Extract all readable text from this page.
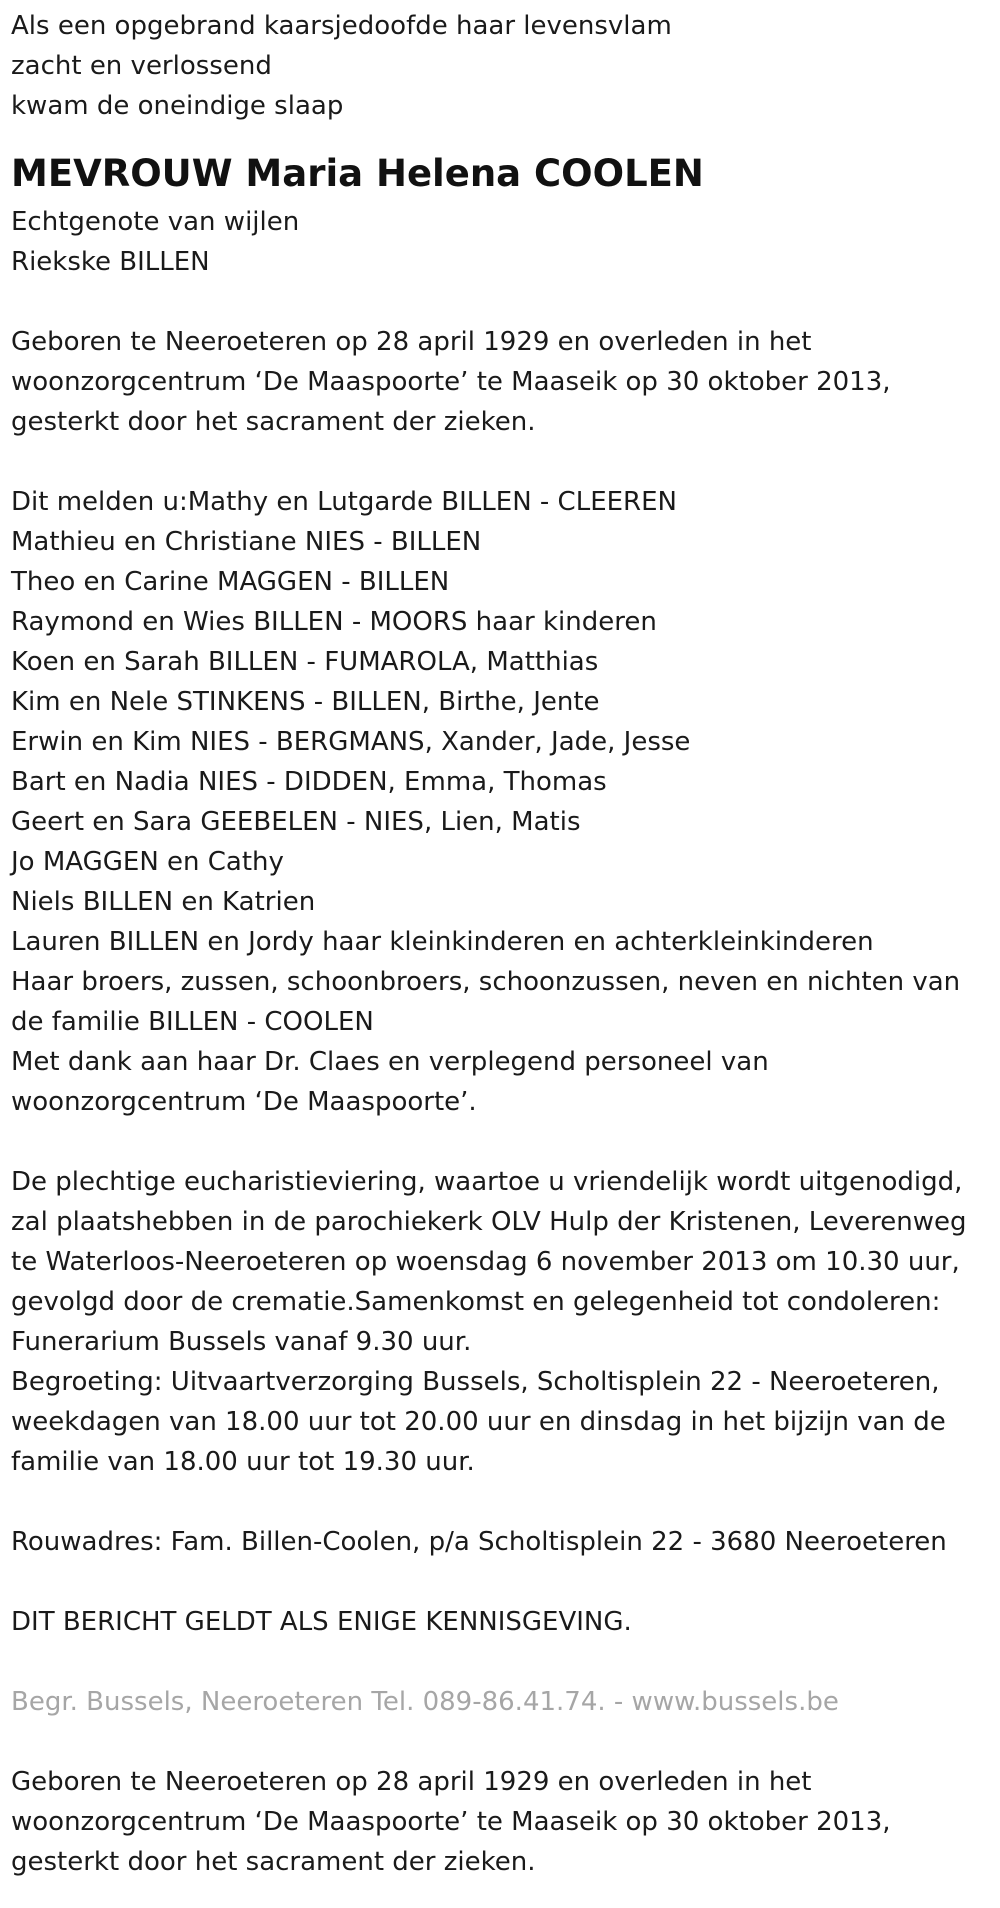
Als een opgebrand kaarsjedoofde haar levensvlam

zacht en verlossend

kwam de oneindige slaap

MEVROUW Maria Helena COOLEN

Echtgenote van wijlen

Riekske BILLEN

Geboren te Neeroeteren op 28 april 1929 en overleden in het

woonzorgcentrum ‘De Maaspoorte’ te Maaseik op 30 oktober 2013,

gesterkt door het sacrament der zieken.

Dit melden u:Mathy en Lutgarde BILLEN - CLEEREN

Mathieu en Christiane NIES - BILLEN

Theo en Carine MAGGEN - BILLEN

Raymond en Wies BILLEN - MOORS haar kinderen

Koen en Sarah BILLEN - FUMAROLA, Matthias

Kim en Nele STINKENS - BILLEN, Birthe, Jente

Erwin en Kim NIES - BERGMANS, Xander, Jade, Jesse

Bart en Nadia NIES - DIDDEN, Emma, Thomas

Geert en Sara GEEBELEN - NIES, Lien, Matis

Jo MAGGEN en Cathy

Niels BILLEN en Katrien

Lauren BILLEN en Jordy haar kleinkinderen en achterkleinkinderen

Haar broers, zussen, schoonbroers, schoonzussen, neven en nichten van

de familie BILLEN - COOLEN

Met dank aan haar Dr. Claes en verplegend personeel van

woonzorgcentrum ‘De Maaspoorte’.

De plechtige eucharistieviering, waartoe u vriendelijk wordt uitgenodigd,

zal plaatshebben in de parochiekerk OLV Hulp der Kristenen, Leverenweg

te Waterloos-Neeroeteren op woensdag 6 november 2013 om 10.30 uur,

gevolgd door de crematie.Samenkomst en gelegenheid tot condoleren:

Funerarium Bussels vanaf 9.30 uur.

Begroeting: Uitvaartverzorging Bussels, Scholtisplein 22 - Neeroeteren,

weekdagen van 18.00 uur tot 20.00 uur en dinsdag in het bijzijn van de

familie van 18.00 uur tot 19.30 uur.

Rouwadres: Fam. Billen-Coolen, p/a Scholtisplein 22 - 3680 Neeroeteren

DIT BERICHT GELDT ALS ENIGE KENNISGEVING.

Begr. Bussels, Neeroeteren Tel. 089-86.41.74. - www.bussels.be

Geboren te Neeroeteren op 28 april 1929 en overleden in het

woonzorgcentrum ‘De Maaspoorte’ te Maaseik op 30 oktober 2013,

gesterkt door het sacrament der zieken.
